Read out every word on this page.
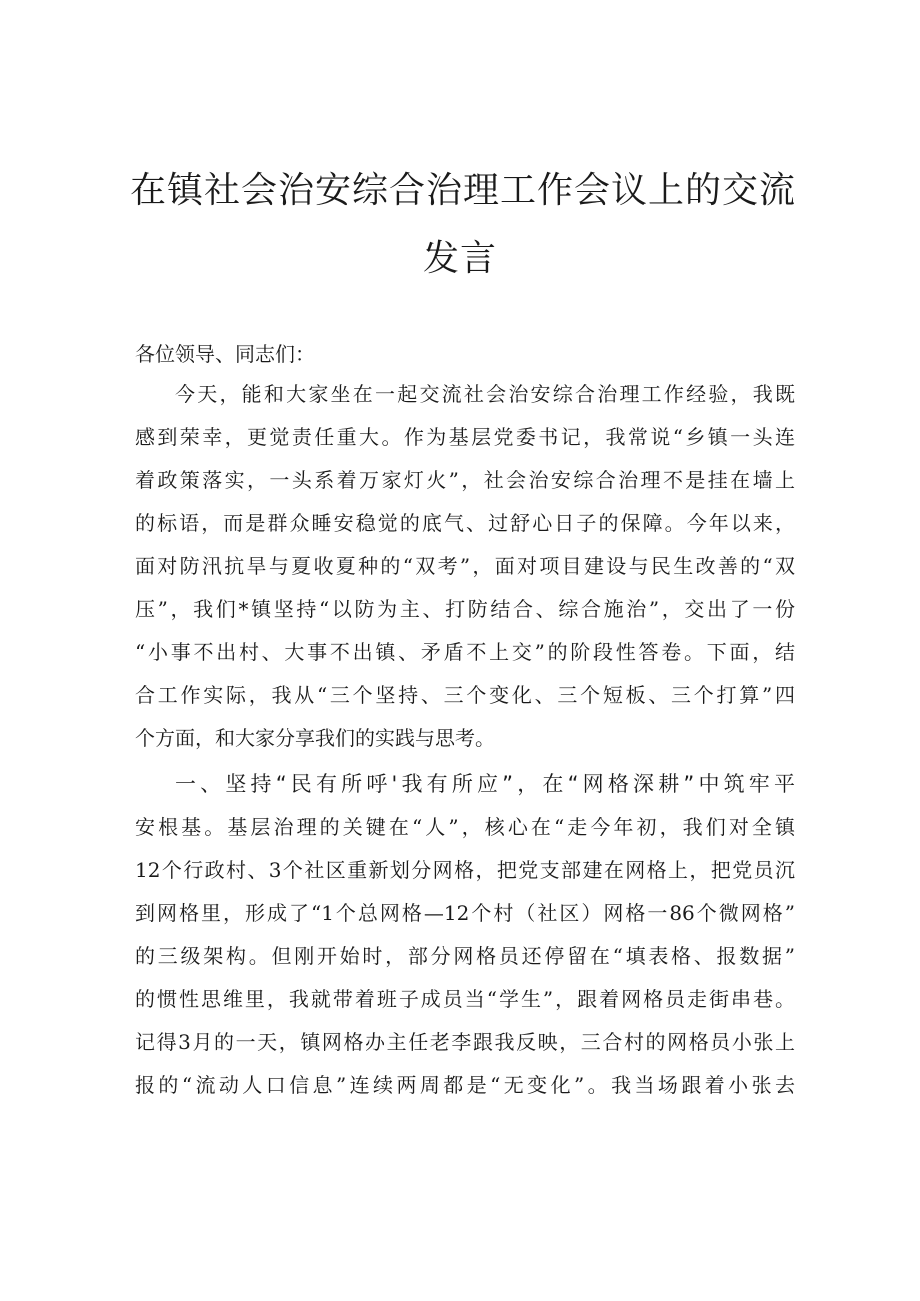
在镇社会治安综合治理工作会议上的交流
发言
各位领导、同志们：
今天，能和大家坐在一起交流社会治安综合治理工作经验，我既
感到荣幸，更觉责任重大。作为基层党委书记，我常说“乡镇一头连
着政策落实，一头系着万家灯火”，社会治安综合治理不是挂在墙上
的标语，而是群众睡安稳觉的底气、过舒心日子的保障。今年以来，
面对防汛抗旱与夏收夏种的“双考”，面对项目建设与民生改善的“双
压”，我们*镇坚持“以防为主、打防结合、综合施治”，交出了一份
“小事不出村、大事不出镇、矛盾不上交”的阶段性答卷。下面，结
合工作实际，我从“三个坚持、三个变化、三个短板、三个打算”四
个方面，和大家分享我们的实践与思考。
一、坚持“民有所呼'我有所应”，在“网格深耕”中筑牢平
安根基。基层治理的关键在“人”，核心在“走今年初，我们对全镇
12个行政村、3个社区重新划分网格，把党支部建在网格上，把党员沉
到网格里，形成了“1个总网格—12个村（社区）网格一86个微网格”
的三级架构。但刚开始时，部分网格员还停留在“填表格、报数据”
的惯性思维里，我就带着班子成员当“学生”，跟着网格员走街串巷。
记得3月的一天，镇网格办主任老李跟我反映，三合村的网格员小张上
报的“流动人口信息”连续两周都是“无变化”。我当场跟着小张去
